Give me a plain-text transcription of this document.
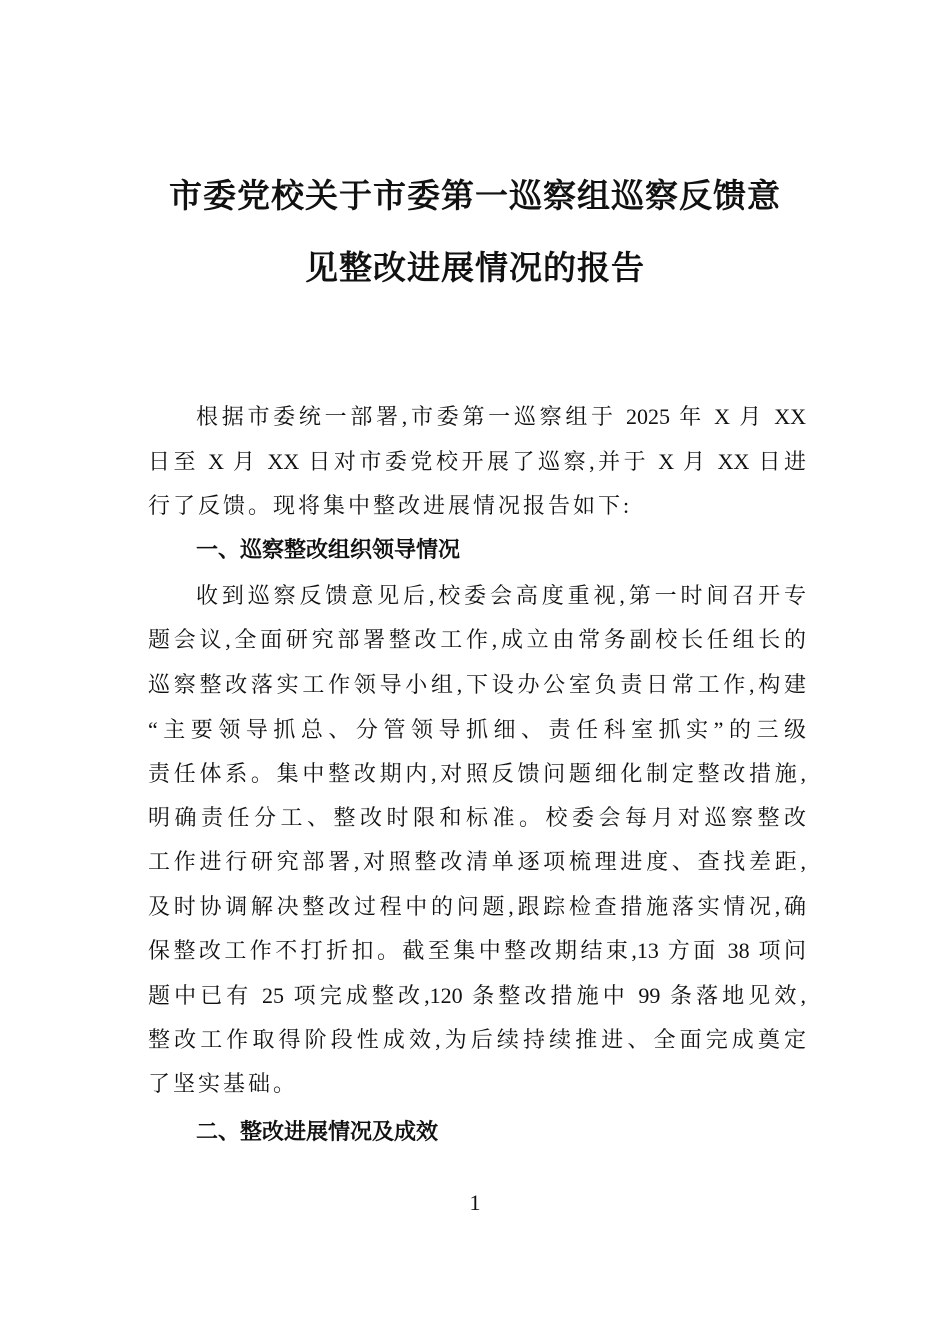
市委党校关于市委第一巡察组巡察反馈意
见整改进展情况的报告
根据市委统一部署,市委第一巡察组于 2025 年 X 月 XX
日至 X 月 XX 日对市委党校开展了巡察,并于 X 月 XX 日进
行了反馈。现将集中整改进展情况报告如下:
一、巡察整改组织领导情况
收到巡察反馈意见后,校委会高度重视,第一时间召开专
题会议,全面研究部署整改工作,成立由常务副校长任组长的
巡察整改落实工作领导小组,下设办公室负责日常工作,构建
“主要领导抓总、分管领导抓细、责任科室抓实”的三级
责任体系。集中整改期内,对照反馈问题细化制定整改措施,
明确责任分工、整改时限和标准。校委会每月对巡察整改
工作进行研究部署,对照整改清单逐项梳理进度、查找差距,
及时协调解决整改过程中的问题,跟踪检查措施落实情况,确
保整改工作不打折扣。截至集中整改期结束,13 方面 38 项问
题中已有 25 项完成整改,120 条整改措施中 99 条落地见效,
整改工作取得阶段性成效,为后续持续推进、全面完成奠定
了坚实基础。
二、整改进展情况及成效
1
